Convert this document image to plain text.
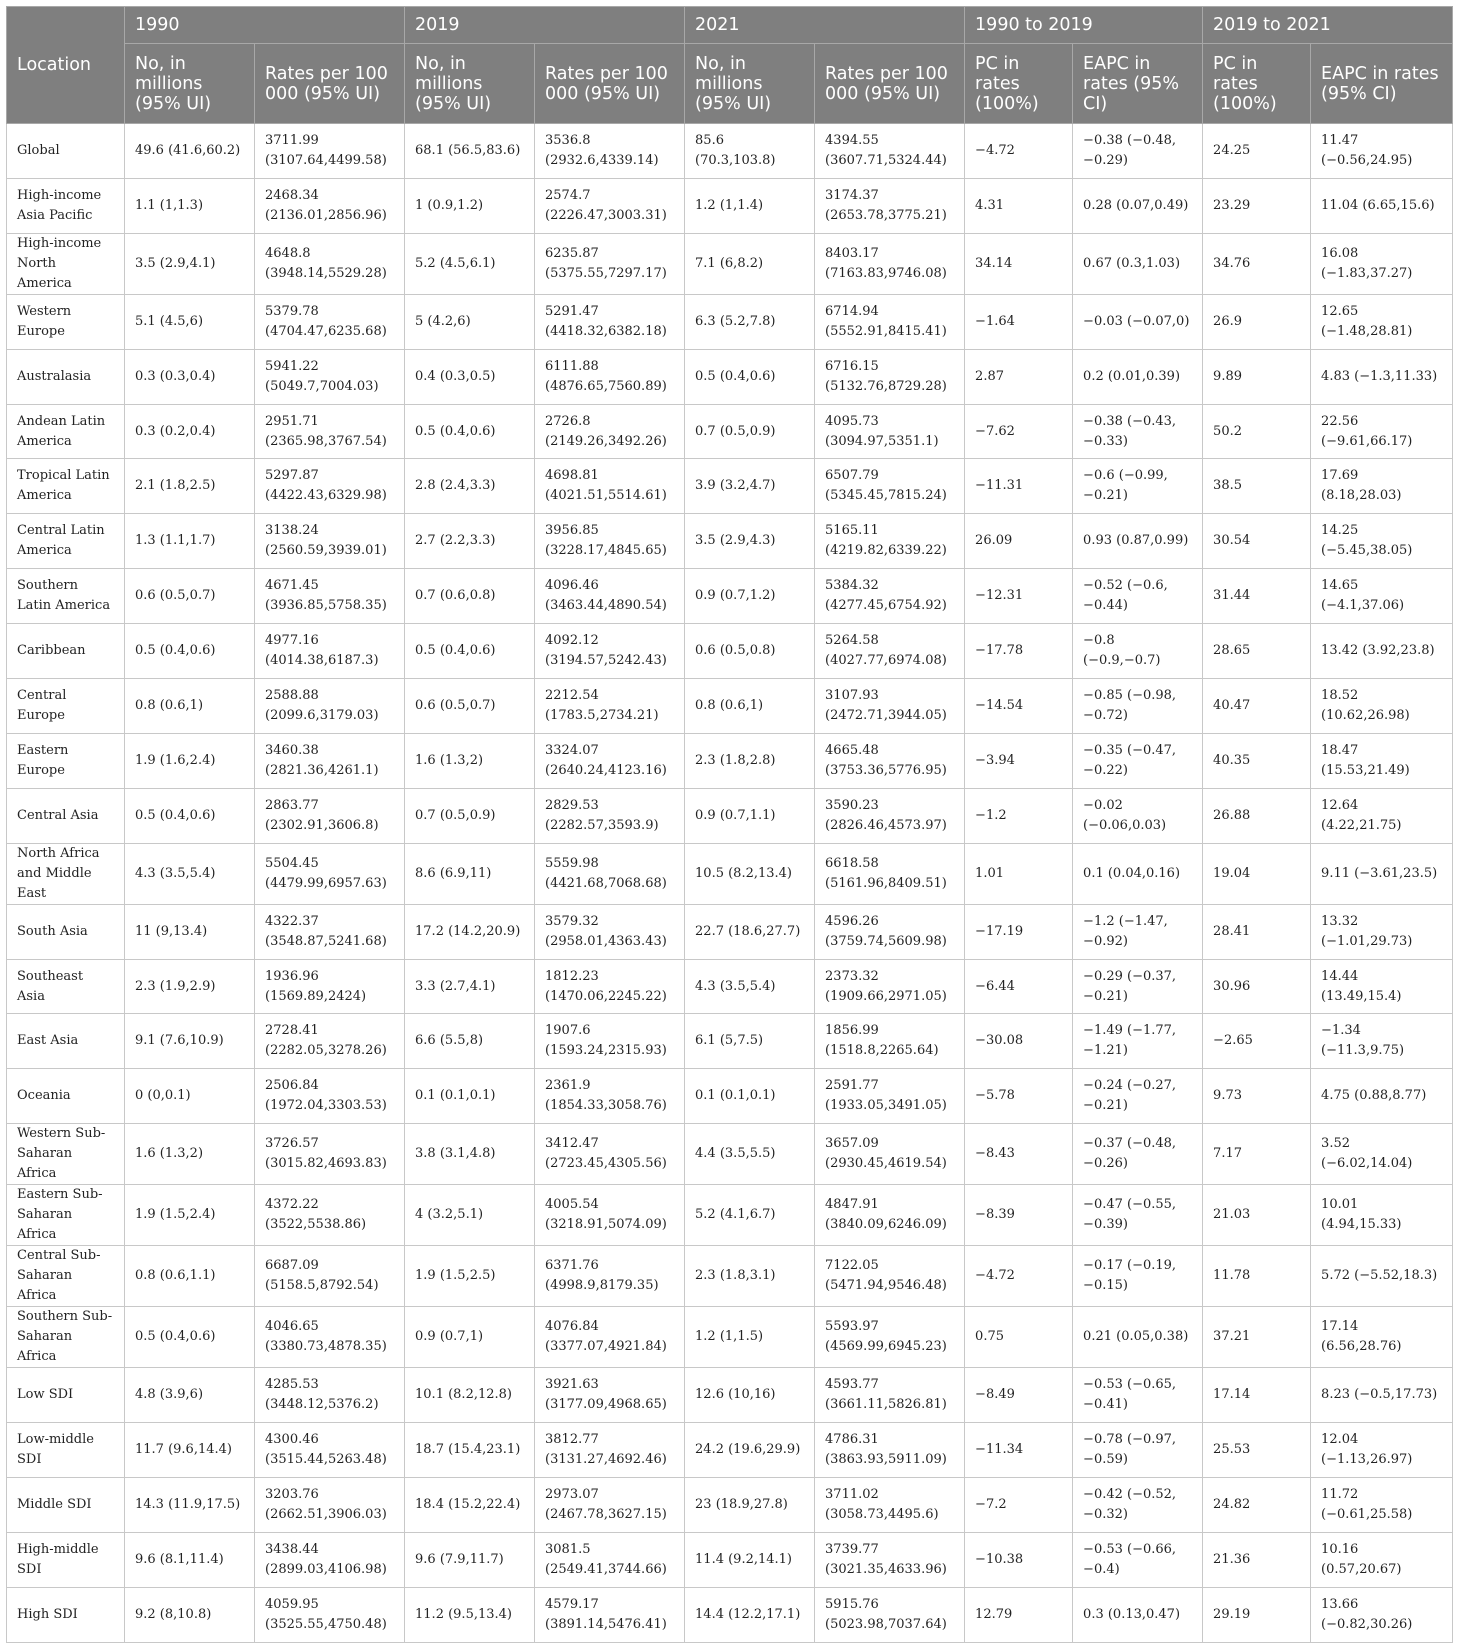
Location	1990		2019		2021		1990 to 2019		2019 to 2021	
	No, in millions (95% UI)	Rates per 100 000 (95% UI)	No, in millions (95% UI)	Rates per 100 000 (95% UI)	No, in millions (95% UI)	Rates per 100 000 (95% UI)	PC in rates (100%)	EAPC in rates (95% CI)	PC in rates (100%)	EAPC in rates (95% CI)
Global	49.6 (41.6,60.2)	3711.99 (3107.64,4499.58)	68.1 (56.5,83.6)	3536.8 (2932.6,4339.14)	85.6 (70.3,103.8)	4394.55 (3607.71,5324.44)	−4.72	−0.38 (−0.48, −0.29)	24.25	11.47 (−0.56,24.95)
High-income Asia Pacific	1.1 (1,1.3)	2468.34 (2136.01,2856.96)	1 (0.9,1.2)	2574.7 (2226.47,3003.31)	1.2 (1,1.4)	3174.37 (2653.78,3775.21)	4.31	0.28 (0.07,0.49)	23.29	11.04 (6.65,15.6)
High-income North America	3.5 (2.9,4.1)	4648.8 (3948.14,5529.28)	5.2 (4.5,6.1)	6235.87 (5375.55,7297.17)	7.1 (6,8.2)	8403.17 (7163.83,9746.08)	34.14	0.67 (0.3,1.03)	34.76	16.08 (−1.83,37.27)
Western Europe	5.1 (4.5,6)	5379.78 (4704.47,6235.68)	5 (4.2,6)	5291.47 (4418.32,6382.18)	6.3 (5.2,7.8)	6714.94 (5552.91,8415.41)	−1.64	−0.03 (−0.07,0)	26.9	12.65 (−1.48,28.81)
Australasia	0.3 (0.3,0.4)	5941.22 (5049.7,7004.03)	0.4 (0.3,0.5)	6111.88 (4876.65,7560.89)	0.5 (0.4,0.6)	6716.15 (5132.76,8729.28)	2.87	0.2 (0.01,0.39)	9.89	4.83 (−1.3,11.33)
Andean Latin America	0.3 (0.2,0.4)	2951.71 (2365.98,3767.54)	0.5 (0.4,0.6)	2726.8 (2149.26,3492.26)	0.7 (0.5,0.9)	4095.73 (3094.97,5351.1)	−7.62	−0.38 (−0.43, −0.33)	50.2	22.56 (−9.61,66.17)
Tropical Latin America	2.1 (1.8,2.5)	5297.87 (4422.43,6329.98)	2.8 (2.4,3.3)	4698.81 (4021.51,5514.61)	3.9 (3.2,4.7)	6507.79 (5345.45,7815.24)	−11.31	−0.6 (−0.99, −0.21)	38.5	17.69 (8.18,28.03)
Central Latin America	1.3 (1.1,1.7)	3138.24 (2560.59,3939.01)	2.7 (2.2,3.3)	3956.85 (3228.17,4845.65)	3.5 (2.9,4.3)	5165.11 (4219.82,6339.22)	26.09	0.93 (0.87,0.99)	30.54	14.25 (−5.45,38.05)
Southern Latin America	0.6 (0.5,0.7)	4671.45 (3936.85,5758.35)	0.7 (0.6,0.8)	4096.46 (3463.44,4890.54)	0.9 (0.7,1.2)	5384.32 (4277.45,6754.92)	−12.31	−0.52 (−0.6, −0.44)	31.44	14.65 (−4.1,37.06)
Caribbean	0.5 (0.4,0.6)	4977.16 (4014.38,6187.3)	0.5 (0.4,0.6)	4092.12 (3194.57,5242.43)	0.6 (0.5,0.8)	5264.58 (4027.77,6974.08)	−17.78	−0.8 (−0.9,−0.7)	28.65	13.42 (3.92,23.8)
Central Europe	0.8 (0.6,1)	2588.88 (2099.6,3179.03)	0.6 (0.5,0.7)	2212.54 (1783.5,2734.21)	0.8 (0.6,1)	3107.93 (2472.71,3944.05)	−14.54	−0.85 (−0.98, −0.72)	40.47	18.52 (10.62,26.98)
Eastern Europe	1.9 (1.6,2.4)	3460.38 (2821.36,4261.1)	1.6 (1.3,2)	3324.07 (2640.24,4123.16)	2.3 (1.8,2.8)	4665.48 (3753.36,5776.95)	−3.94	−0.35 (−0.47, −0.22)	40.35	18.47 (15.53,21.49)
Central Asia	0.5 (0.4,0.6)	2863.77 (2302.91,3606.8)	0.7 (0.5,0.9)	2829.53 (2282.57,3593.9)	0.9 (0.7,1.1)	3590.23 (2826.46,4573.97)	−1.2	−0.02 (−0.06,0.03)	26.88	12.64 (4.22,21.75)
North Africa and Middle East	4.3 (3.5,5.4)	5504.45 (4479.99,6957.63)	8.6 (6.9,11)	5559.98 (4421.68,7068.68)	10.5 (8.2,13.4)	6618.58 (5161.96,8409.51)	1.01	0.1 (0.04,0.16)	19.04	9.11 (−3.61,23.5)
South Asia	11 (9,13.4)	4322.37 (3548.87,5241.68)	17.2 (14.2,20.9)	3579.32 (2958.01,4363.43)	22.7 (18.6,27.7)	4596.26 (3759.74,5609.98)	−17.19	−1.2 (−1.47, −0.92)	28.41	13.32 (−1.01,29.73)
Southeast Asia	2.3 (1.9,2.9)	1936.96 (1569.89,2424)	3.3 (2.7,4.1)	1812.23 (1470.06,2245.22)	4.3 (3.5,5.4)	2373.32 (1909.66,2971.05)	−6.44	−0.29 (−0.37, −0.21)	30.96	14.44 (13.49,15.4)
East Asia	9.1 (7.6,10.9)	2728.41 (2282.05,3278.26)	6.6 (5.5,8)	1907.6 (1593.24,2315.93)	6.1 (5,7.5)	1856.99 (1518.8,2265.64)	−30.08	−1.49 (−1.77, −1.21)	−2.65	−1.34 (−11.3,9.75)
Oceania	0 (0,0.1)	2506.84 (1972.04,3303.53)	0.1 (0.1,0.1)	2361.9 (1854.33,3058.76)	0.1 (0.1,0.1)	2591.77 (1933.05,3491.05)	−5.78	−0.24 (−0.27, −0.21)	9.73	4.75 (0.88,8.77)
Western Sub-Saharan Africa	1.6 (1.3,2)	3726.57 (3015.82,4693.83)	3.8 (3.1,4.8)	3412.47 (2723.45,4305.56)	4.4 (3.5,5.5)	3657.09 (2930.45,4619.54)	−8.43	−0.37 (−0.48, −0.26)	7.17	3.52 (−6.02,14.04)
Eastern Sub-Saharan Africa	1.9 (1.5,2.4)	4372.22 (3522,5538.86)	4 (3.2,5.1)	4005.54 (3218.91,5074.09)	5.2 (4.1,6.7)	4847.91 (3840.09,6246.09)	−8.39	−0.47 (−0.55, −0.39)	21.03	10.01 (4.94,15.33)
Central Sub-Saharan Africa	0.8 (0.6,1.1)	6687.09 (5158.5,8792.54)	1.9 (1.5,2.5)	6371.76 (4998.9,8179.35)	2.3 (1.8,3.1)	7122.05 (5471.94,9546.48)	−4.72	−0.17 (−0.19, −0.15)	11.78	5.72 (−5.52,18.3)
Southern Sub-Saharan Africa	0.5 (0.4,0.6)	4046.65 (3380.73,4878.35)	0.9 (0.7,1)	4076.84 (3377.07,4921.84)	1.2 (1,1.5)	5593.97 (4569.99,6945.23)	0.75	0.21 (0.05,0.38)	37.21	17.14 (6.56,28.76)
Low SDI	4.8 (3.9,6)	4285.53 (3448.12,5376.2)	10.1 (8.2,12.8)	3921.63 (3177.09,4968.65)	12.6 (10,16)	4593.77 (3661.11,5826.81)	−8.49	−0.53 (−0.65, −0.41)	17.14	8.23 (−0.5,17.73)
Low-middle SDI	11.7 (9.6,14.4)	4300.46 (3515.44,5263.48)	18.7 (15.4,23.1)	3812.77 (3131.27,4692.46)	24.2 (19.6,29.9)	4786.31 (3863.93,5911.09)	−11.34	−0.78 (−0.97, −0.59)	25.53	12.04 (−1.13,26.97)
Middle SDI	14.3 (11.9,17.5)	3203.76 (2662.51,3906.03)	18.4 (15.2,22.4)	2973.07 (2467.78,3627.15)	23 (18.9,27.8)	3711.02 (3058.73,4495.6)	−7.2	−0.42 (−0.52, −0.32)	24.82	11.72 (−0.61,25.58)
High-middle SDI	9.6 (8.1,11.4)	3438.44 (2899.03,4106.98)	9.6 (7.9,11.7)	3081.5 (2549.41,3744.66)	11.4 (9.2,14.1)	3739.77 (3021.35,4633.96)	−10.38	−0.53 (−0.66, −0.4)	21.36	10.16 (0.57,20.67)
High SDI	9.2 (8,10.8)	4059.95 (3525.55,4750.48)	11.2 (9.5,13.4)	4579.17 (3891.14,5476.41)	14.4 (12.2,17.1)	5915.76 (5023.98,7037.64)	12.79	0.3 (0.13,0.47)	29.19	13.66 (−0.82,30.26)
